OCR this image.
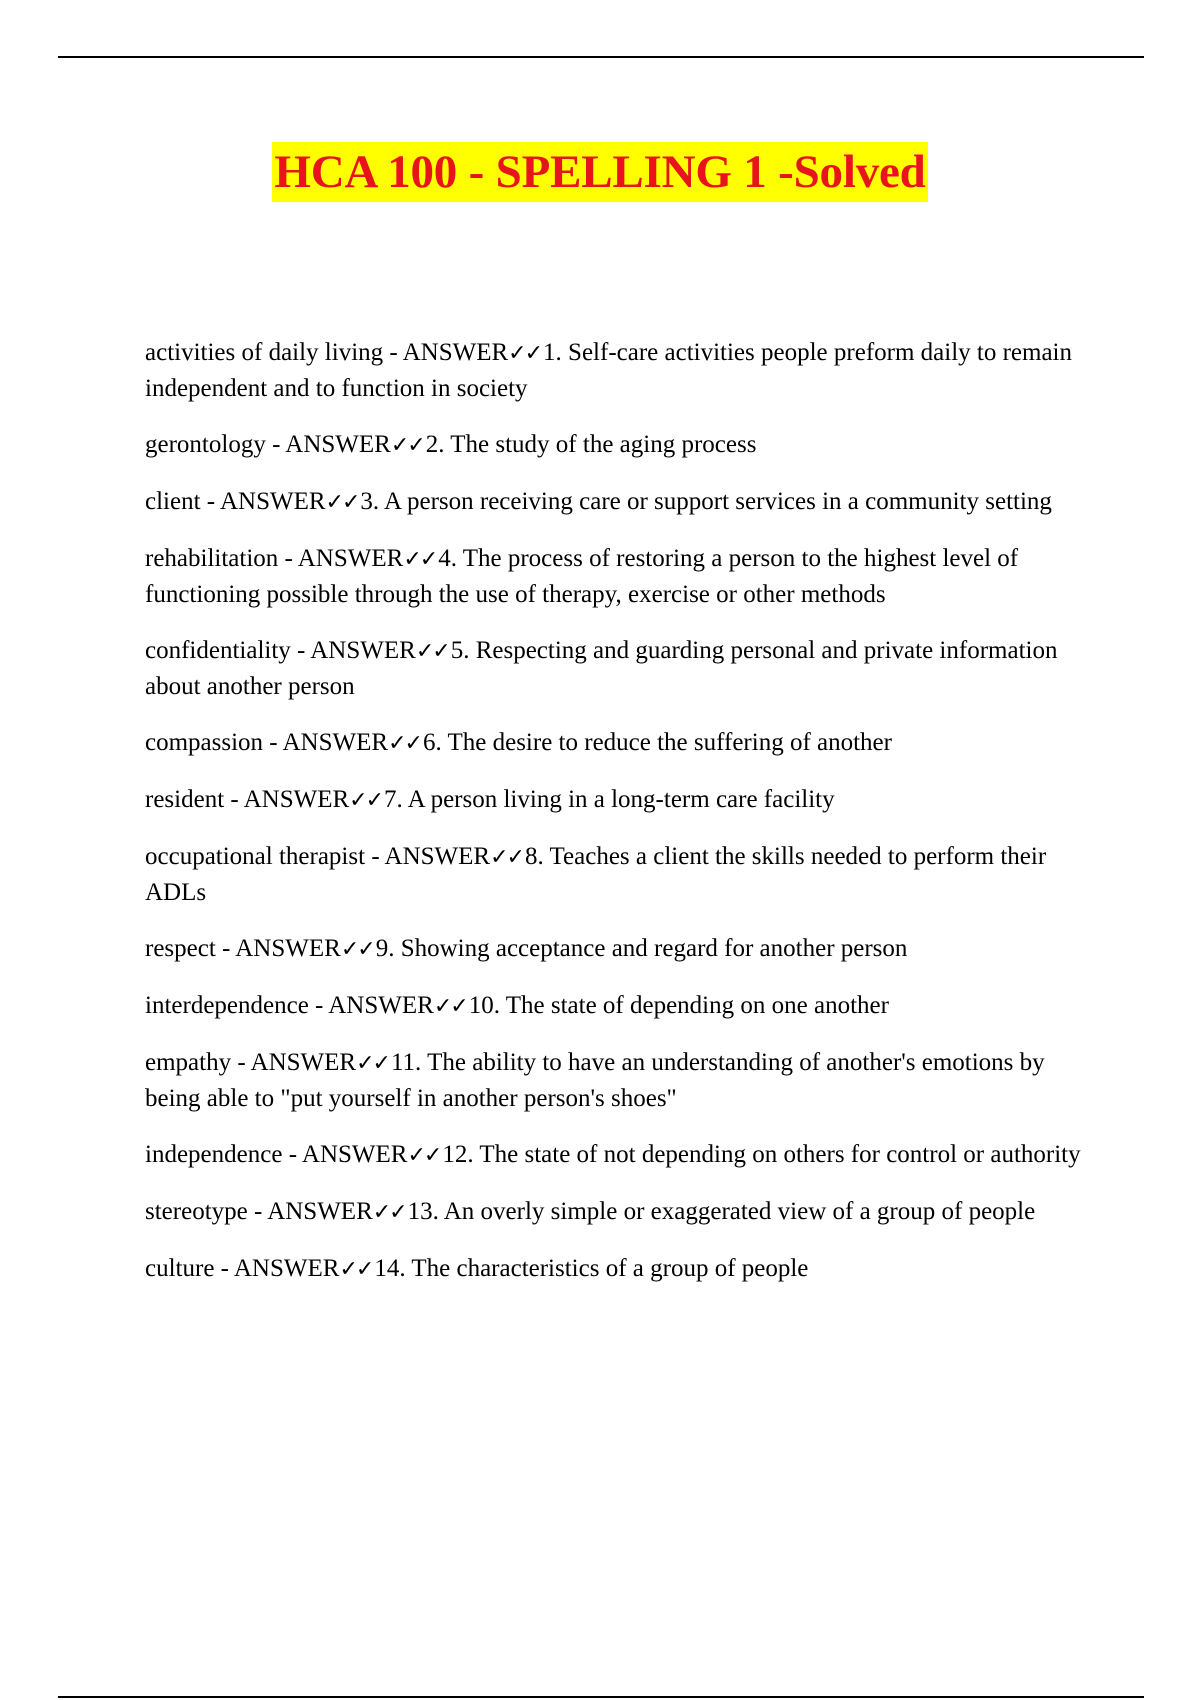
HCA 100 - SPELLING 1 -Solved

activities of daily living - ANSWER✓✓1. Self-care activities people preform daily to remain independent and to function in society

gerontology - ANSWER✓✓2. The study of the aging process

client - ANSWER✓✓3. A person receiving care or support services in a community setting

rehabilitation - ANSWER✓✓4. The process of restoring a person to the highest level of functioning possible through the use of therapy, exercise or other methods

confidentiality - ANSWER✓✓5. Respecting and guarding personal and private information about another person

compassion - ANSWER✓✓6. The desire to reduce the suffering of another

resident - ANSWER✓✓7. A person living in a long-term care facility

occupational therapist - ANSWER✓✓8. Teaches a client the skills needed to perform their ADLs

respect - ANSWER✓✓9. Showing acceptance and regard for another person

interdependence - ANSWER✓✓10. The state of depending on one another

empathy - ANSWER✓✓11. The ability to have an understanding of another's emotions by being able to "put yourself in another person's shoes"

independence - ANSWER✓✓12. The state of not depending on others for control or authority

stereotype - ANSWER✓✓13. An overly simple or exaggerated view of a group of people

culture - ANSWER✓✓14. The characteristics of a group of people
